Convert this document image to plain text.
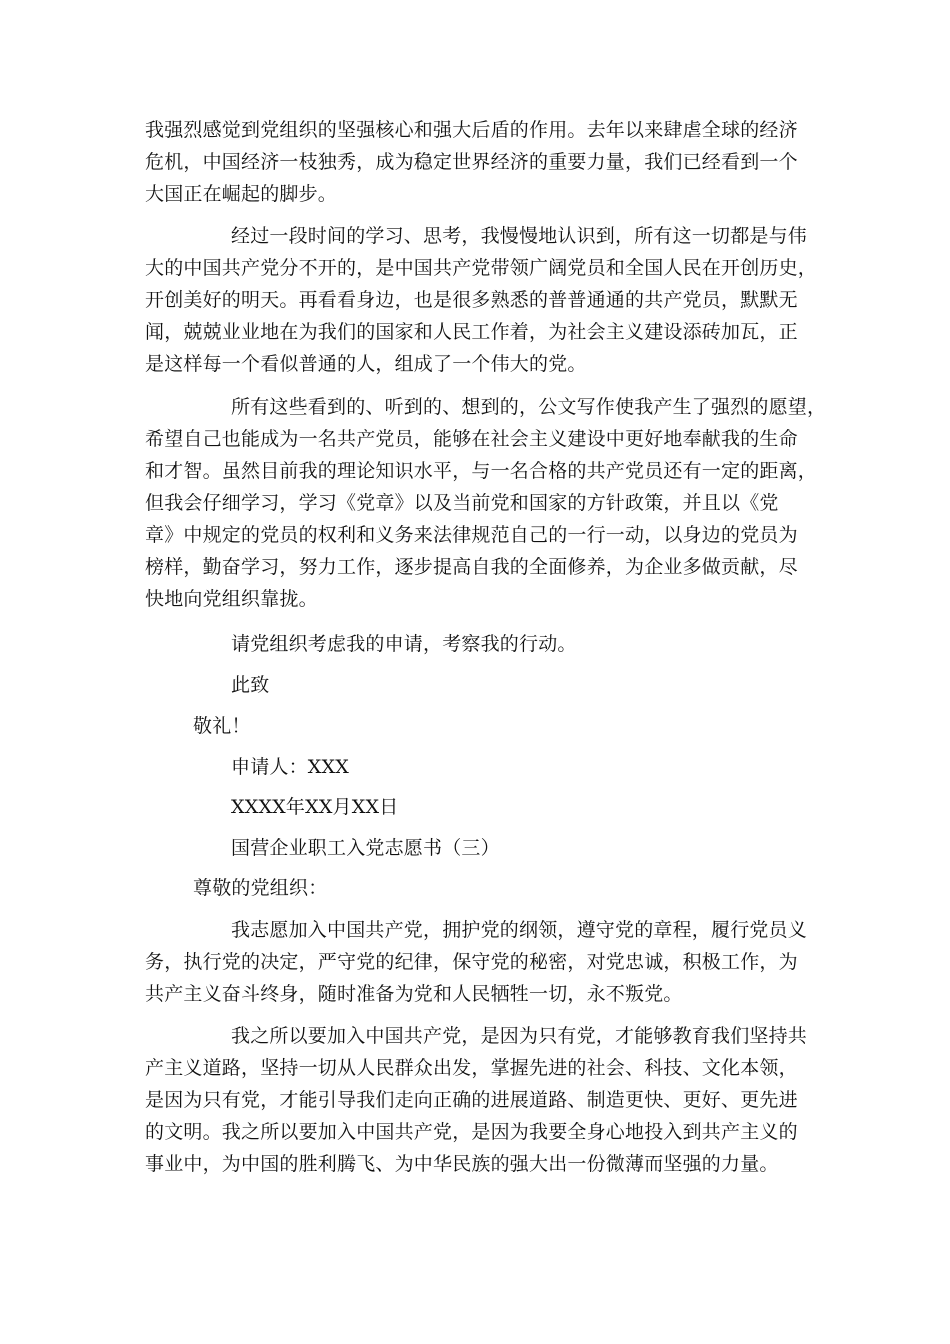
我强烈感觉到党组织的坚强核心和强大后盾的作用。去年以来肆虐全球的经济
危机，中国经济一枝独秀，成为稳定世界经济的重要力量，我们已经看到一个
大国正在崛起的脚步。
经过一段时间的学习、思考，我慢慢地认识到，所有这一切都是与伟
大的中国共产党分不开的，是中国共产党带领广阔党员和全国人民在开创历史，
开创美好的明天。再看看身边，也是很多熟悉的普普通通的共产党员，默默无
闻，兢兢业业地在为我们的国家和人民工作着，为社会主义建设添砖加瓦，正
是这样每一个看似普通的人，组成了一个伟大的党。
所有这些看到的、听到的、想到的，公文写作使我产生了强烈的愿望，
希望自己也能成为一名共产党员，能够在社会主义建设中更好地奉献我的生命
和才智。虽然目前我的理论知识水平，与一名合格的共产党员还有一定的距离，
但我会仔细学习，学习《党章》以及当前党和国家的方针政策，并且以《党
章》中规定的党员的权利和义务来法律规范自己的一行一动，以身边的党员为
榜样，勤奋学习，努力工作，逐步提高自我的全面修养，为企业多做贡献，尽
快地向党组织靠拢。
请党组织考虑我的申请，考察我的行动。
此致
敬礼！
申请人：XXX
XXXX年XX月XX日
国营企业职工入党志愿书（三）
尊敬的党组织：
我志愿加入中国共产党，拥护党的纲领，遵守党的章程，履行党员义
务，执行党的决定，严守党的纪律，保守党的秘密，对党忠诚，积极工作，为
共产主义奋斗终身，随时准备为党和人民牺牲一切，永不叛党。
我之所以要加入中国共产党，是因为只有党，才能够教育我们坚持共
产主义道路，坚持一切从人民群众出发，掌握先进的社会、科技、文化本领，
是因为只有党，才能引导我们走向正确的进展道路、制造更快、更好、更先进
的文明。我之所以要加入中国共产党，是因为我要全身心地投入到共产主义的
事业中，为中国的胜利腾飞、为中华民族的强大出一份微薄而坚强的力量。
